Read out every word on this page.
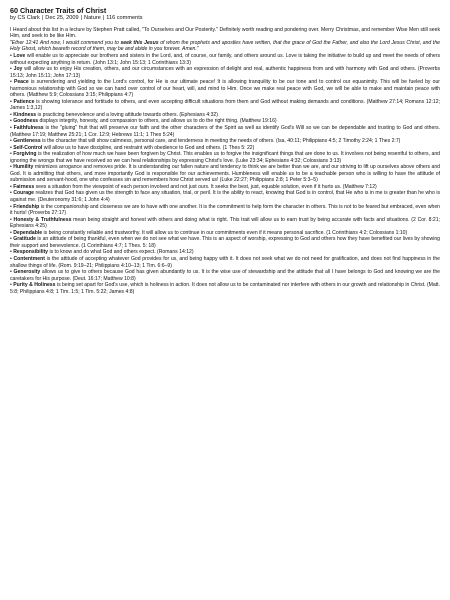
60 Character Traits of Christ
by CS Clark | Dec 25, 2009 | Nature | 116 comments

I Heard about this list in a lecture by Stephen Pratt called, "To Ourselves and Our Posterity." Definitely worth reading and pondering over. Merry Christmas, and remember Wise Men still seek Him, and seek to be like Him.

"Ether 12:41 And now, I would commend you to seek this Jesus of whom the prophets and apostles have written, that the grace of God the Father, and also the Lord Jesus Christ, and the Holy Ghost, which beareth record of them, may be and abide in you forever. Amen."

• Love will enable us to appreciate our brothers and sisters in the Lord, and, of course, our family, and others around us. Love is taking the initiative to build up and meet the needs of others without expecting anything in return. (John 13:1; John 15:13; 1 Corinthians 13:3)

• Joy will allow us to enjoy His creation, others, and our circumstances with an expression of delight and real, authentic happiness from and with harmony with God and others. (Proverbs 15:13; John 15:11; John 17:13)

• Peace is surrendering and yielding to the Lord's control, for He is our ultimate peace! It is allowing tranquility to be our tone and to control our equanimity. This will be fueled by our harmonious relationship with God so we can hand over control of our heart, will, and mind to Him. Once we make real peace with God, we will be able to make and maintain peace with others. (Matthew 5:9; Colossians 3:15; Philippians 4:7)

• Patience is showing tolerance and fortitude to others, and even accepting difficult situations from them and God without making demands and conditions. (Matthew 27:14; Romans 12:12; James 1:3,12)

• Kindness is practicing benevolence and a loving attitude towards others. (Ephesians 4:32)

• Goodness displays integrity, honesty, and compassion to others, and allows us to do the right thing. (Matthew 19:16)

• Faithfulness is the "gluing" fruit that will preserve our faith and the other characters of the Spirit as well as identify God's Will so we can be dependable and trusting to God and others. (Matthew 17:19; Matthew 25:21; 1 Cor. 12:9; Hebrews 11:1; 1 Thes 5:24)

• Gentleness is the character that will show calmness, personal care, and tenderness in meeting the needs of others. (Isa. 40:11; Philippians 4:5; 2 Timothy 2:24; 1 Thes 2:7)

• Self-Control will allow us to have discipline, and restraint with obedience to God and others. (1 Thes 5: 22)

• Forgiving is the realization of how much we have been forgiven by Christ. This enables us to forgive the insignificant things that are done to us. It involves not being resentful to others, and ignoring the wrongs that we have received so we can heal relationships by expressing Christ's love. (Luke 23:34; Ephesians 4:32; Colossians 3:13)

• Humility minimizes arrogance and removes pride. It is understanding our fallen nature and tendency to think we are better than we are, and our striving to lift up ourselves above others and God. It is admitting that others, and more importantly God is responsible for our achievements. Humbleness will enable us to be a teachable person who is willing to have the attitude of submission and servant-hood, one who confesses sin and remembers how Christ served us! (Luke 22:27; Philippians 2:8; 1 Peter 5:3–5)

• Fairness sees a situation from the viewpoint of each person involved and not just ours. It seeks the best, just, equable solution, even if it hurts us. (Matthew 7:12)

• Courage realizes that God has given us the strength to face any situation, trial, or peril. It is the ability to react, knowing that God is in control, that He who is in me is greater than he who is against me. (Deuteronomy 31:6; 1 John 4:4)

• Friendship is the companionship and closeness we are to have with one another. It is the commitment to help form the character in others. This is not to be feared but embraced, even when it hurts! (Proverbs 27:17)

• Honesty & Truthfulness mean being straight and honest with others and doing what is right. This trait will allow us to earn trust by being accurate with facts and situations. (2 Cor. 8:21; Ephesians 4:25)

• Dependable is being constantly reliable and trustworthy. It will allow us to continue in our commitments even if it means personal sacrifice. (1 Corinthians 4:2; Colossians 1:10)

• Gratitude is an attitude of being thankful, even when we do not see what we have. This is an aspect of worship, expressing to God and others how they have benefited our lives by showing their support and benevolence. (1 Corinthians 4:7; 1 Thes. 5: 18)

• Responsibility is to know and do what God and others expect. (Romans 14:12)

• Contentment is the attitude of accepting whatever God provides for us, and being happy with it. It does not seek what we do not need for gratification, and does not find happiness in the shallow things of life. (Rom. 9:19–21; Philippians 4:10–13; 1 Tim. 6:6–9)

• Generosity allows us to give to others because God has given abundantly to us. It is the wise use of stewardship and the attitude that all I have belongs to God and knowing we are the caretakers for His purpose. (Deut. 16:17; Matthew 10:8)

• Purity & Holiness is being set apart for God's use, which is holiness in action. It does not allow us to be contaminated nor interfere with others in our growth and relationship in Christ. (Matt. 5:8; Philippians 4:8; 1 Tim. 1:5; 1 Tim. 5:22; James 4:8)
